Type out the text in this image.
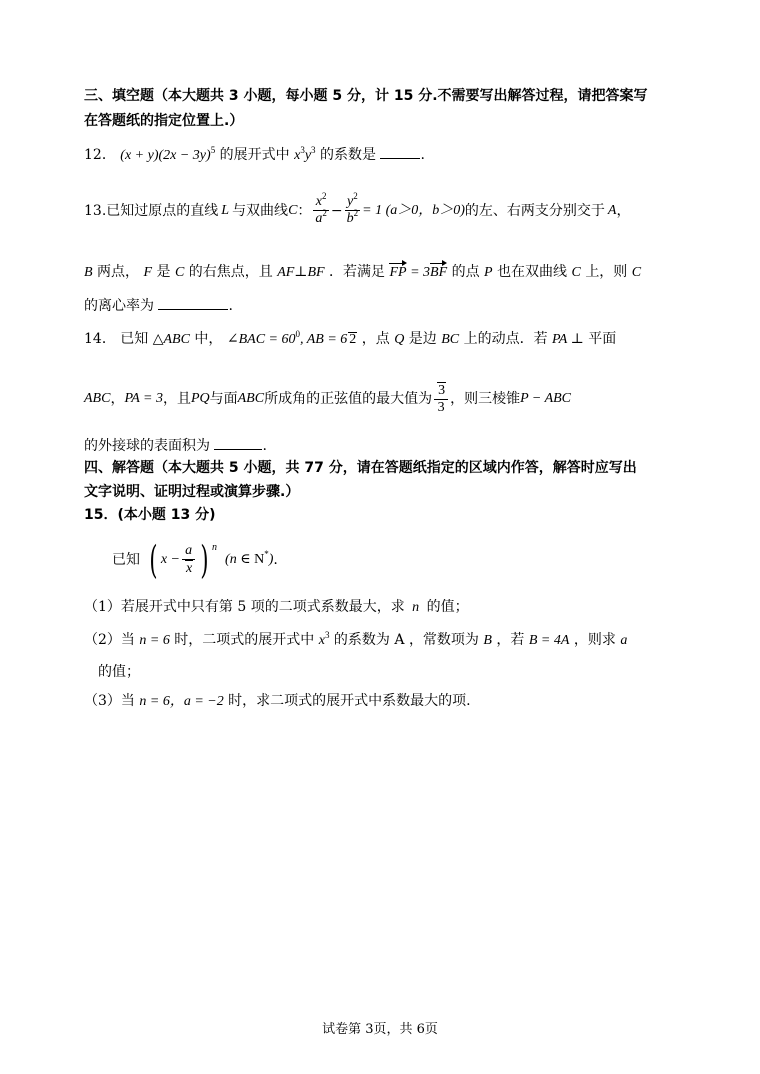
三、填空题（本大题共 3 小题，每小题 5 分，计 15 分.不需要写出解答过程，请把答案写
在答题纸的指定位置上.）
12． $(x + y)(2x - 3y)^5$ 的展开式中 $x^3y^3$ 的系数是	.
13. 已知过原点的直线 L 与双曲线 C ： $\frac{x^2}{a^2} - \frac{y^2}{b^2} = 1$ (a＞0，b＞0) 的左、右两支分别交于 A ，
B 两点， F 是 C 的右焦点，且 AF⊥BF ．若满足 FP = 3BF 的点 P 也在双曲线 C 上，则 C
的离心率为	.
14． 已知 △ABC 中， ∠BAC = $60^0$, AB = 6 2 ，点 Q 是边 BC 上的动点．若 PA ⊥ 平面
ABC ， PA = 3 ，且 PQ 与面 ABC 所成角的正弦值的最大值为 $\frac{3}{3}$ ，则三棱锥 P − ABC
的外接球的表面积为	.
四、解答题（本大题共 5 小题，共 77 分，请在答题纸指定的区域内作答，解答时应写出
文字说明、证明过程或演算步骤.）
15．(本小题 13 分)
已知 ( $x - \frac{a}{x}$ ) n
(n ∈ N*) .
（1）若展开式中只有第 5 项的二项式系数最大，求 n 的值；
（2）当 n = 6 时，二项式的展开式中 $x^3$ 的系数为 A ，常数项为 B ，若 B = 4A ，则求 a
的值；
（3）当 n = 6，a = −2 时，求二项式的展开式中系数最大的项.
试卷第 3页，共 6页
